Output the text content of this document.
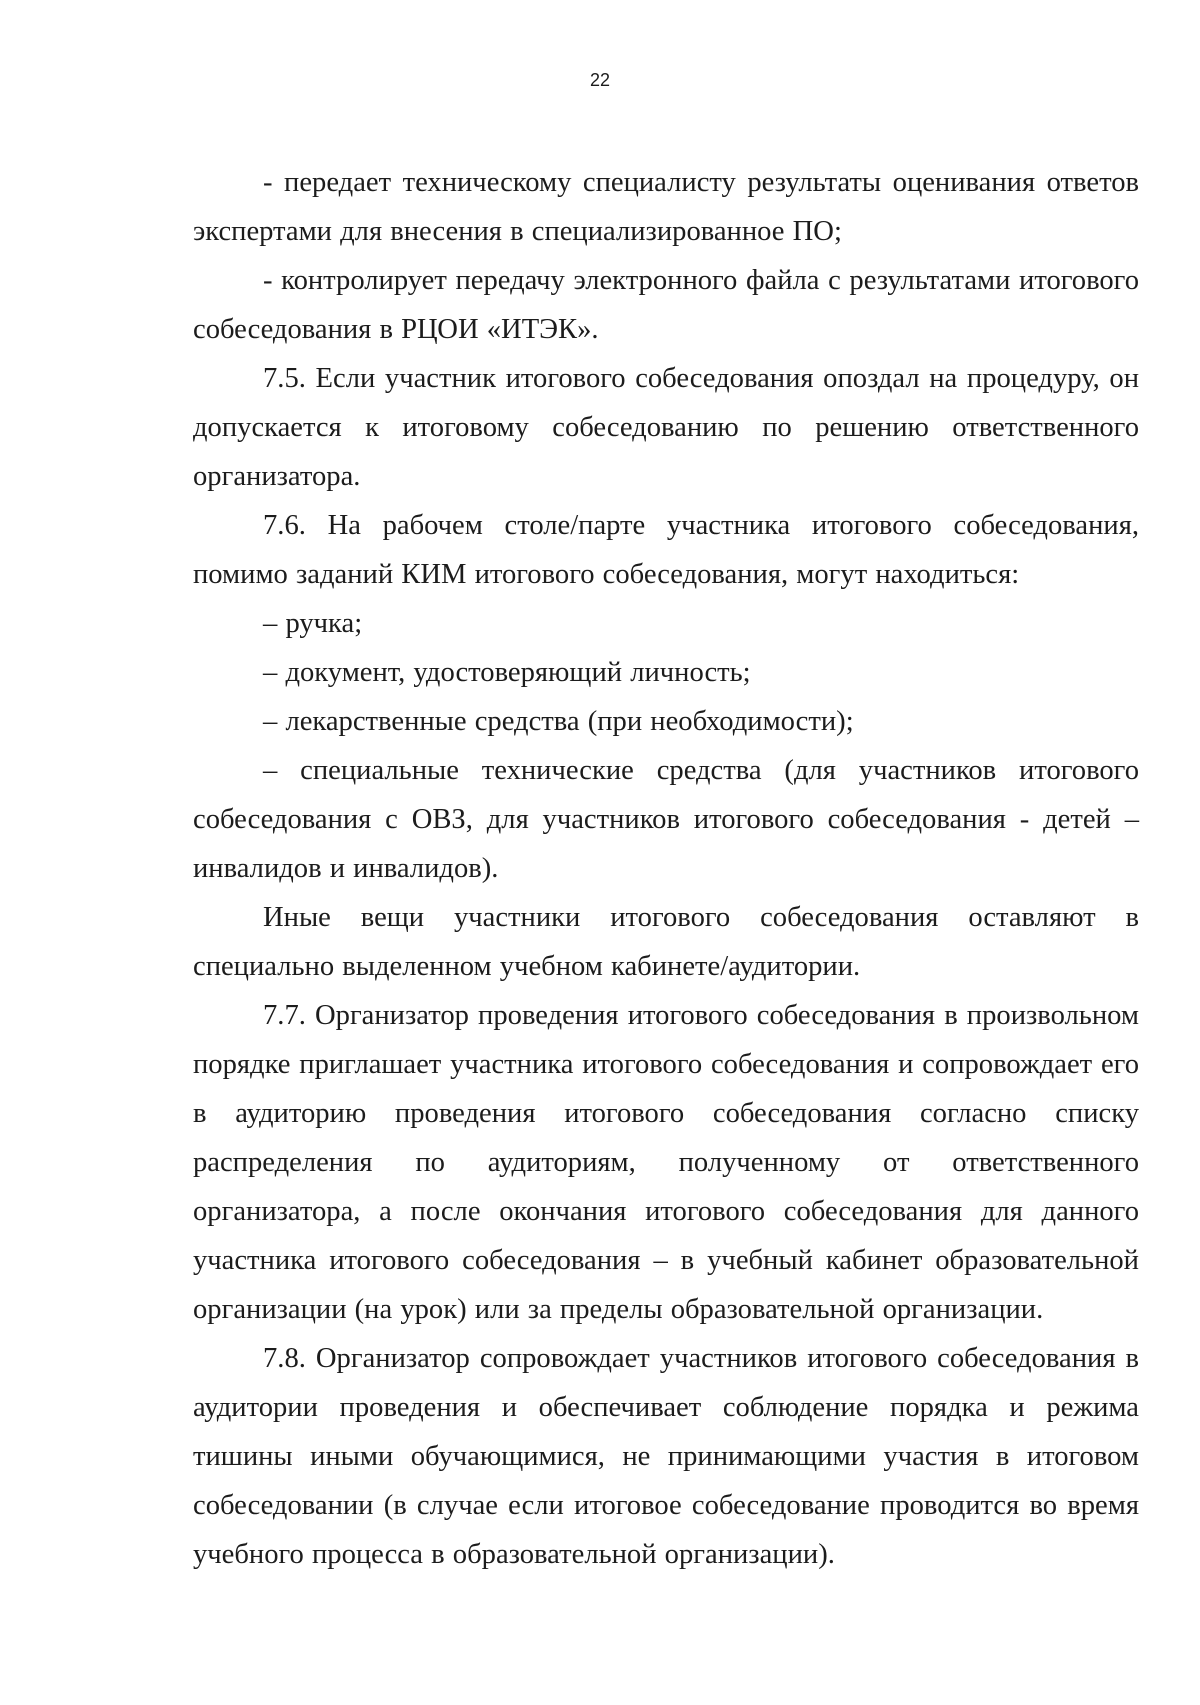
22

- передает техническому специалисту результаты оценивания ответов экспертами для внесения в специализированное ПО;

- контролирует передачу электронного файла с результатами итогового собеседования в РЦОИ «ИТЭК».

7.5. Если участник итогового собеседования опоздал на процедуру, он допускается к итоговому собеседованию по решению ответственного организатора.

7.6. На рабочем столе/парте участника итогового собеседования, помимо заданий КИМ итогового собеседования, могут находиться:

– ручка;

– документ, удостоверяющий личность;

– лекарственные средства (при необходимости);

– специальные технические средства (для участников итогового собеседования с ОВЗ, для участников итогового собеседования - детей – инвалидов и инвалидов).

Иные вещи участники итогового собеседования оставляют в специально выделенном учебном кабинете/аудитории.

7.7. Организатор проведения итогового собеседования в произвольном порядке приглашает участника итогового собеседования и сопровождает его в аудиторию проведения итогового собеседования согласно списку распределения по аудиториям, полученному от ответственного организатора, а после окончания итогового собеседования для данного участника итогового собеседования – в учебный кабинет образовательной организации (на урок) или за пределы образовательной организации.

7.8. Организатор сопровождает участников итогового собеседования в аудитории проведения и обеспечивает соблюдение порядка и режима тишины иными обучающимися, не принимающими участия в итоговом собеседовании (в случае если итоговое собеседование проводится во время учебного процесса в образовательной организации).
